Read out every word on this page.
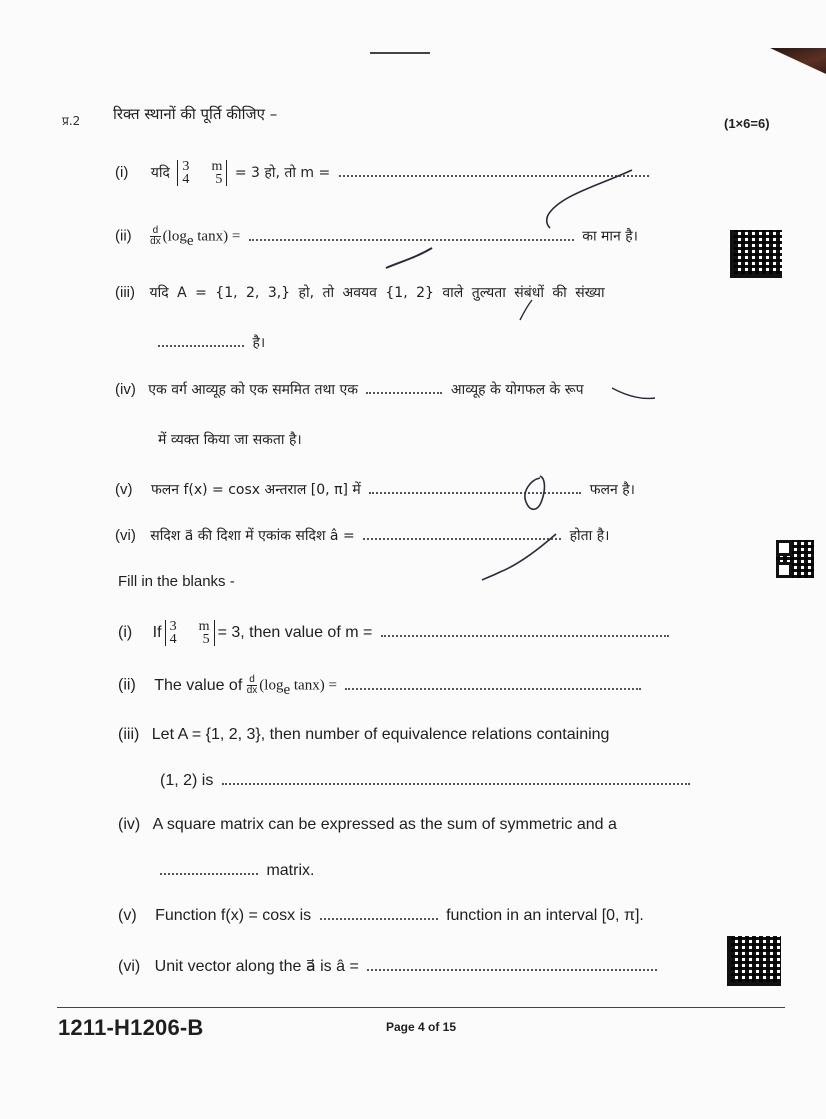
प्र.2 रिक्त स्थानों की पूर्ति कीजिए –
(1×6=6)
(i) यदि 3 m
4 5 = 3 हो, तो m =
$(ii) \frac{d}{dx} (\log_e$ tanx) =	का मान है।
(iii) यदि A = {1, 2, 3,} हो, तो अवयव {1, 2} वाले तुल्यता संबंधों की संख्या
है।
(iv) एक वर्ग आव्यूह को एक सममित तथा एक	आव्यूह के योगफल के रूप
में व्यक्त किया जा सकता है।
(v) फलन f(x) = cosx अन्तराल [0, π] में	फलन है।
(vi) सदिश a⃗ की दिशा में एकांक सदिश â =	होता है।
Fill in the blanks -
(i) If 3 m
4 5 = 3, then value of m =
(ii) The value of $\frac{d}{dx} (\log_e$ tanx) =
(iii) Let A = {1, 2, 3}, then number of equivalence relations containing
(1, 2) is
(iv) A square matrix can be expressed as the sum of symmetric and a
matrix.
(v) Function f(x) = cosx is	function in an interval [0, π].
(vi) Unit vector along the a⃗ is â =
1211-H1206-B	Page 4 of 15
